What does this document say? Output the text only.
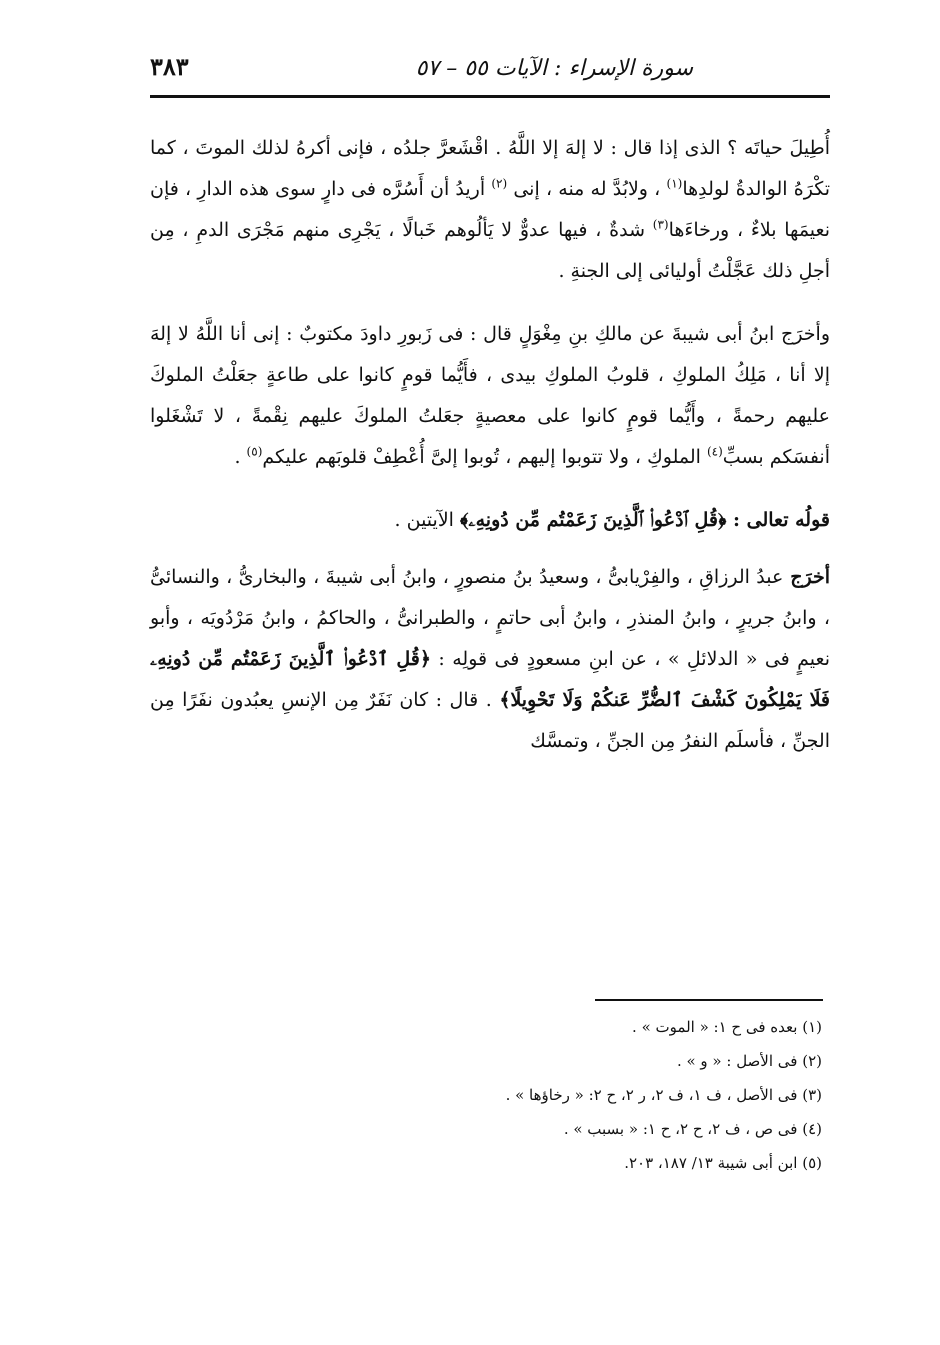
سورة الإسراء : الآيات ٥٥ – ٥٧
٣٨٣

أُطِيلَ حياتَه ؟ الذى إذا قال : لا إلهَ إلا اللَّهُ . اقْشَعرَّ جلدُه ، فإنى أكرهُ لذلك الموتَ ، كما تكْرَهُ الوالدةُ لولدِها$^{(١)}$ ، ولابُدَّ له منه ، إنى $^{(٢)}$ أريدُ أن أَسُرَّه فى دارٍ سوى هذه الدارِ ، فإن نعيمَها بلاءٌ ، ورخاءَها$^{(٣)}$ شدةٌ ، فيها عدوٌّ لا يَألُوهم خَبالًا ، يَجْرِى منهم مَجْرَى الدمِ ، مِن أجلِ ذلك عَجَّلْتُ أوليائى إلى الجنةِ .

وأخرَج ابنُ أبى شيبةَ عن مالكِ بنِ مِغْوَلٍ قال : فى زَبورِ داودَ مكتوبٌ : إنى أنا اللَّهُ لا إلهَ إلا أنا ، مَلِكُ الملوكِ ، قلوبُ الملوكِ بيدى ، فأَيُّما قومٍ كانوا على طاعةٍ جعَلْتُ الملوكَ عليهم رحمةً ، وأَيُّما قومٍ كانوا على معصيةٍ جعَلتُ الملوكَ عليهم نِقْمةً ، لا تَشْغَلوا أنفسَكم بسبِّ$^{(٤)}$ الملوكِ ، ولا تتوبوا إليهم ، تُوبوا إلىَّ أُعْطِفْ قلوبَهم عليكم$^{(٥)}$ .

قولُه تعالى : ﴿قُلِ ٱدْعُوا۟ ٱلَّذِينَ زَعَمْتُم مِّن دُونِهِۦ﴾ الآيتين .

أخرَج عبدُ الرزاقِ ، والفِرْيابىُّ ، وسعيدُ بنُ منصورٍ ، وابنُ أبى شيبةَ ، والبخارىُّ ، والنسائىُّ ، وابنُ جريرٍ ، وابنُ المنذرِ ، وابنُ أبى حاتمٍ ، والطبرانىُّ ، والحاكمُ ، وابنُ مَرْدُويَه ، وأبو نعيمٍ فى « الدلائلِ » ، عن ابنِ مسعودٍ فى قولِه : ﴿قُلِ ٱدْعُوا۟ ٱلَّذِينَ زَعَمْتُم مِّن دُونِهِۦ فَلَا يَمْلِكُونَ كَشْفَ ٱلضُّرِّ عَنكُمْ وَلَا تَحْوِيلًا﴾ . قال : كان نَفَرٌ مِن الإنسِ يعبُدون نفَرًا مِن الجنِّ ، فأسلَم النفرُ مِن الجنِّ ، وتمسَّك

(١) بعده فى ح ١: « الموت » .

(٢) فى الأصل : « و » .

(٣) فى الأصل ، ف ١، ف ٢، ر ٢، ح ٢: « رخاؤها » .

(٤) فى ص ، ف ٢، ح ٢، ح ١: « بسبب » .

(٥) ابن أبى شيبة ١٣/ ١٨٧، ٢٠٣.
